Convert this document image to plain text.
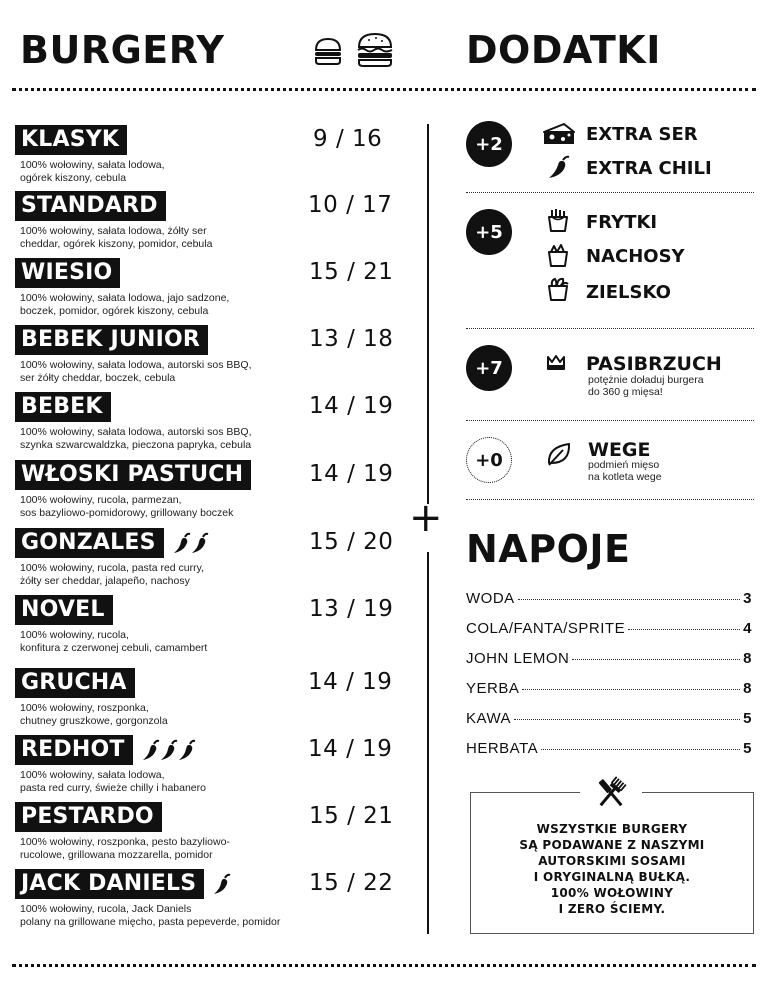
BURGERY	DODATKI
+
KLASYK	9 / 16
100% wołowiny, sałata lodowa,
ogórek kiszony, cebula
STANDARD	10 / 17
100% wołowiny, sałata lodowa, żółty ser
cheddar, ogórek kiszony, pomidor, cebula
WIESIO	15 / 21
100% wołowiny, sałata lodowa, jajo sadzone,
boczek, pomidor, ogórek kiszony, cebula
BEBEK JUNIOR	13 / 18
100% wołowiny, sałata lodowa, autorski sos BBQ,
ser żółty cheddar, boczek, cebula
BEBEK	14 / 19
100% wołowiny, sałata lodowa, autorski sos BBQ,
szynka szwarcwaldzka, pieczona papryka, cebula
WŁOSKI PASTUCH	14 / 19
100% wołowiny, rucola, parmezan,
sos bazyliowo-pomidorowy, grillowany boczek
GONZALES	15 / 20
100% wołowiny, rucola, pasta red curry,
żółty ser cheddar, jalapeño, nachosy
NOVEL	13 / 19
100% wołowiny, rucola,
konfitura z czerwonej cebuli, camambert
GRUCHA	14 / 19
100% wołowiny, roszponka,
chutney gruszkowe, gorgonzola
REDHOT	14 / 19
100% wołowiny, sałata lodowa,
pasta red curry, świeże chilly i habanero
PESTARDO	15 / 21
100% wołowiny, roszponka, pesto bazyliowo-
rucolowe, grillowana mozzarella, pomidor
JACK DANIELS	15 / 22
100% wołowiny, rucola, Jack Daniels
polany na grillowane mięcho, pasta pepeverde, pomidor
+2	EXTRA SER
EXTRA CHILI
+5	FRYTKI
NACHOSY
ZIELSKO
+7	PASIBRZUCH
potężnie doładuj burgera
do 360 g mięsa!
+0	WEGE
podmień mięso
na kotleta wege
NAPOJE
WODA	3
COLA/FANTA/SPRITE	4
JOHN LEMON	8
YERBA	8
KAWA	5
HERBATA	5
WSZYSTKIE BURGERY
SĄ PODAWANE Z NASZYMI
AUTORSKIMI SOSAMI
I ORYGINALNĄ BUŁKĄ.
100% WOŁOWINY
I ZERO ŚCIEMY.
